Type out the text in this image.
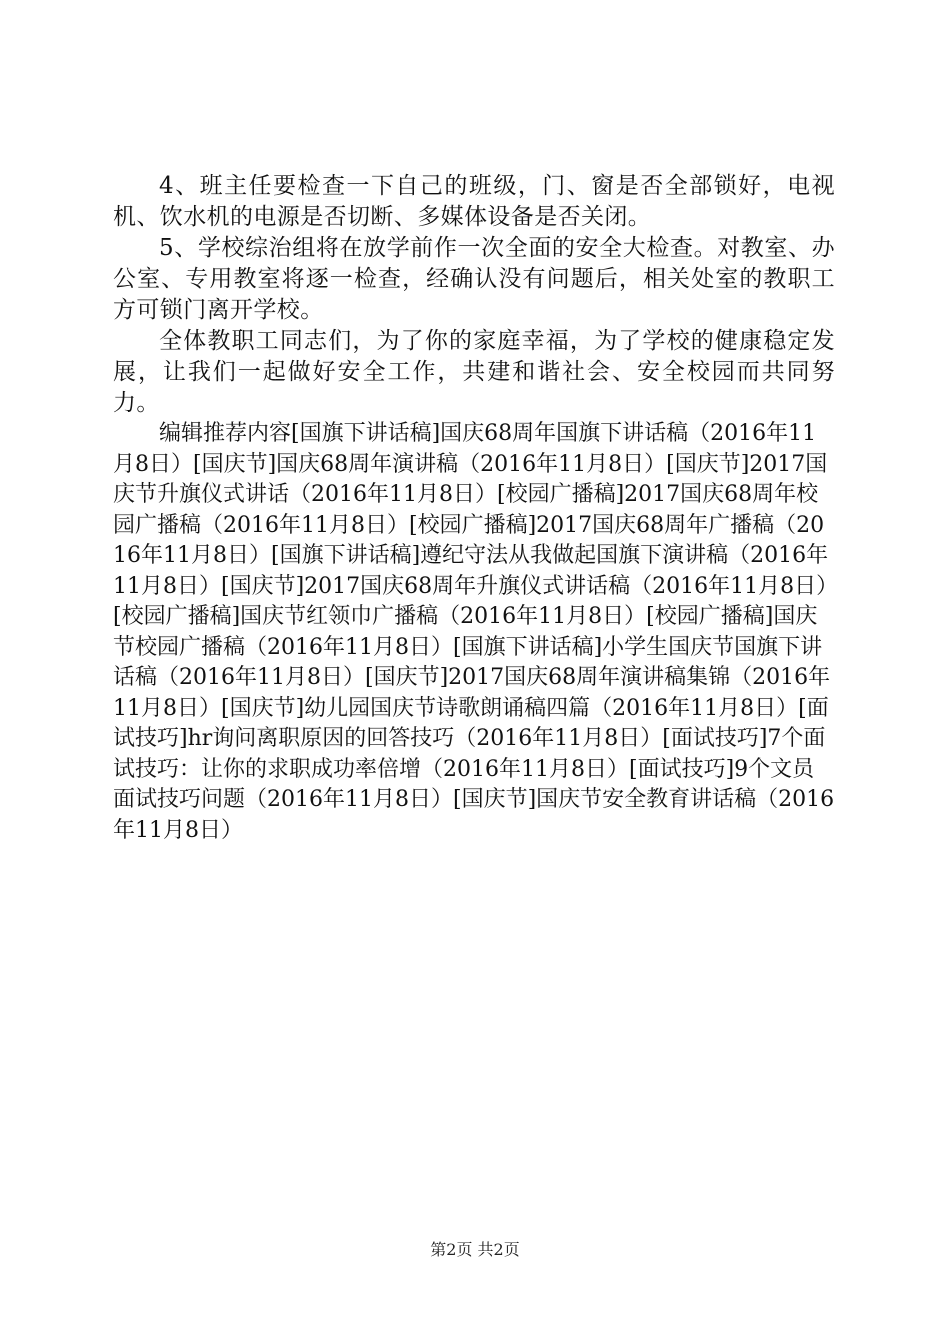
4、班主任要检查一下自己的班级，门、窗是否全部锁好，电视机、饮水机的电源是否切断、多媒体设备是否关闭。

5、学校综治组将在放学前作一次全面的安全大检查。对教室、办公室、专用教室将逐一检查，经确认没有问题后，相关处室的教职工方可锁门离开学校。

全体教职工同志们，为了你的家庭幸福，为了学校的健康稳定发展，让我们一起做好安全工作，共建和谐社会、安全校园而共同努力。

编辑推荐内容[国旗下讲话稿]国庆68周年国旗下讲话稿（2016年11月8日）[国庆节]国庆68周年演讲稿（2016年11月8日）[国庆节]2017国庆节升旗仪式讲话（2016年11月8日）[校园广播稿]2017国庆68周年校园广播稿（2016年11月8日）[校园广播稿]2017国庆68周年广播稿（2016年11月8日）[国旗下讲话稿]遵纪守法从我做起国旗下演讲稿（2016年11月8日）[国庆节]2017国庆68周年升旗仪式讲话稿（2016年11月8日）[校园广播稿]国庆节红领巾广播稿（2016年11月8日）[校园广播稿]国庆节校园广播稿（2016年11月8日）[国旗下讲话稿]小学生国庆节国旗下讲话稿（2016年11月8日）[国庆节]2017国庆68周年演讲稿集锦（2016年11月8日）[国庆节]幼儿园国庆节诗歌朗诵稿四篇（2016年11月8日）[面试技巧]hr询问离职原因的回答技巧（2016年11月8日）[面试技巧]7个面试技巧：让你的求职成功率倍增（2016年11月8日）[面试技巧]9个文员面试技巧问题（2016年11月8日）[国庆节]国庆节安全教育讲话稿（2016年11月8日）

第2页 共2页
